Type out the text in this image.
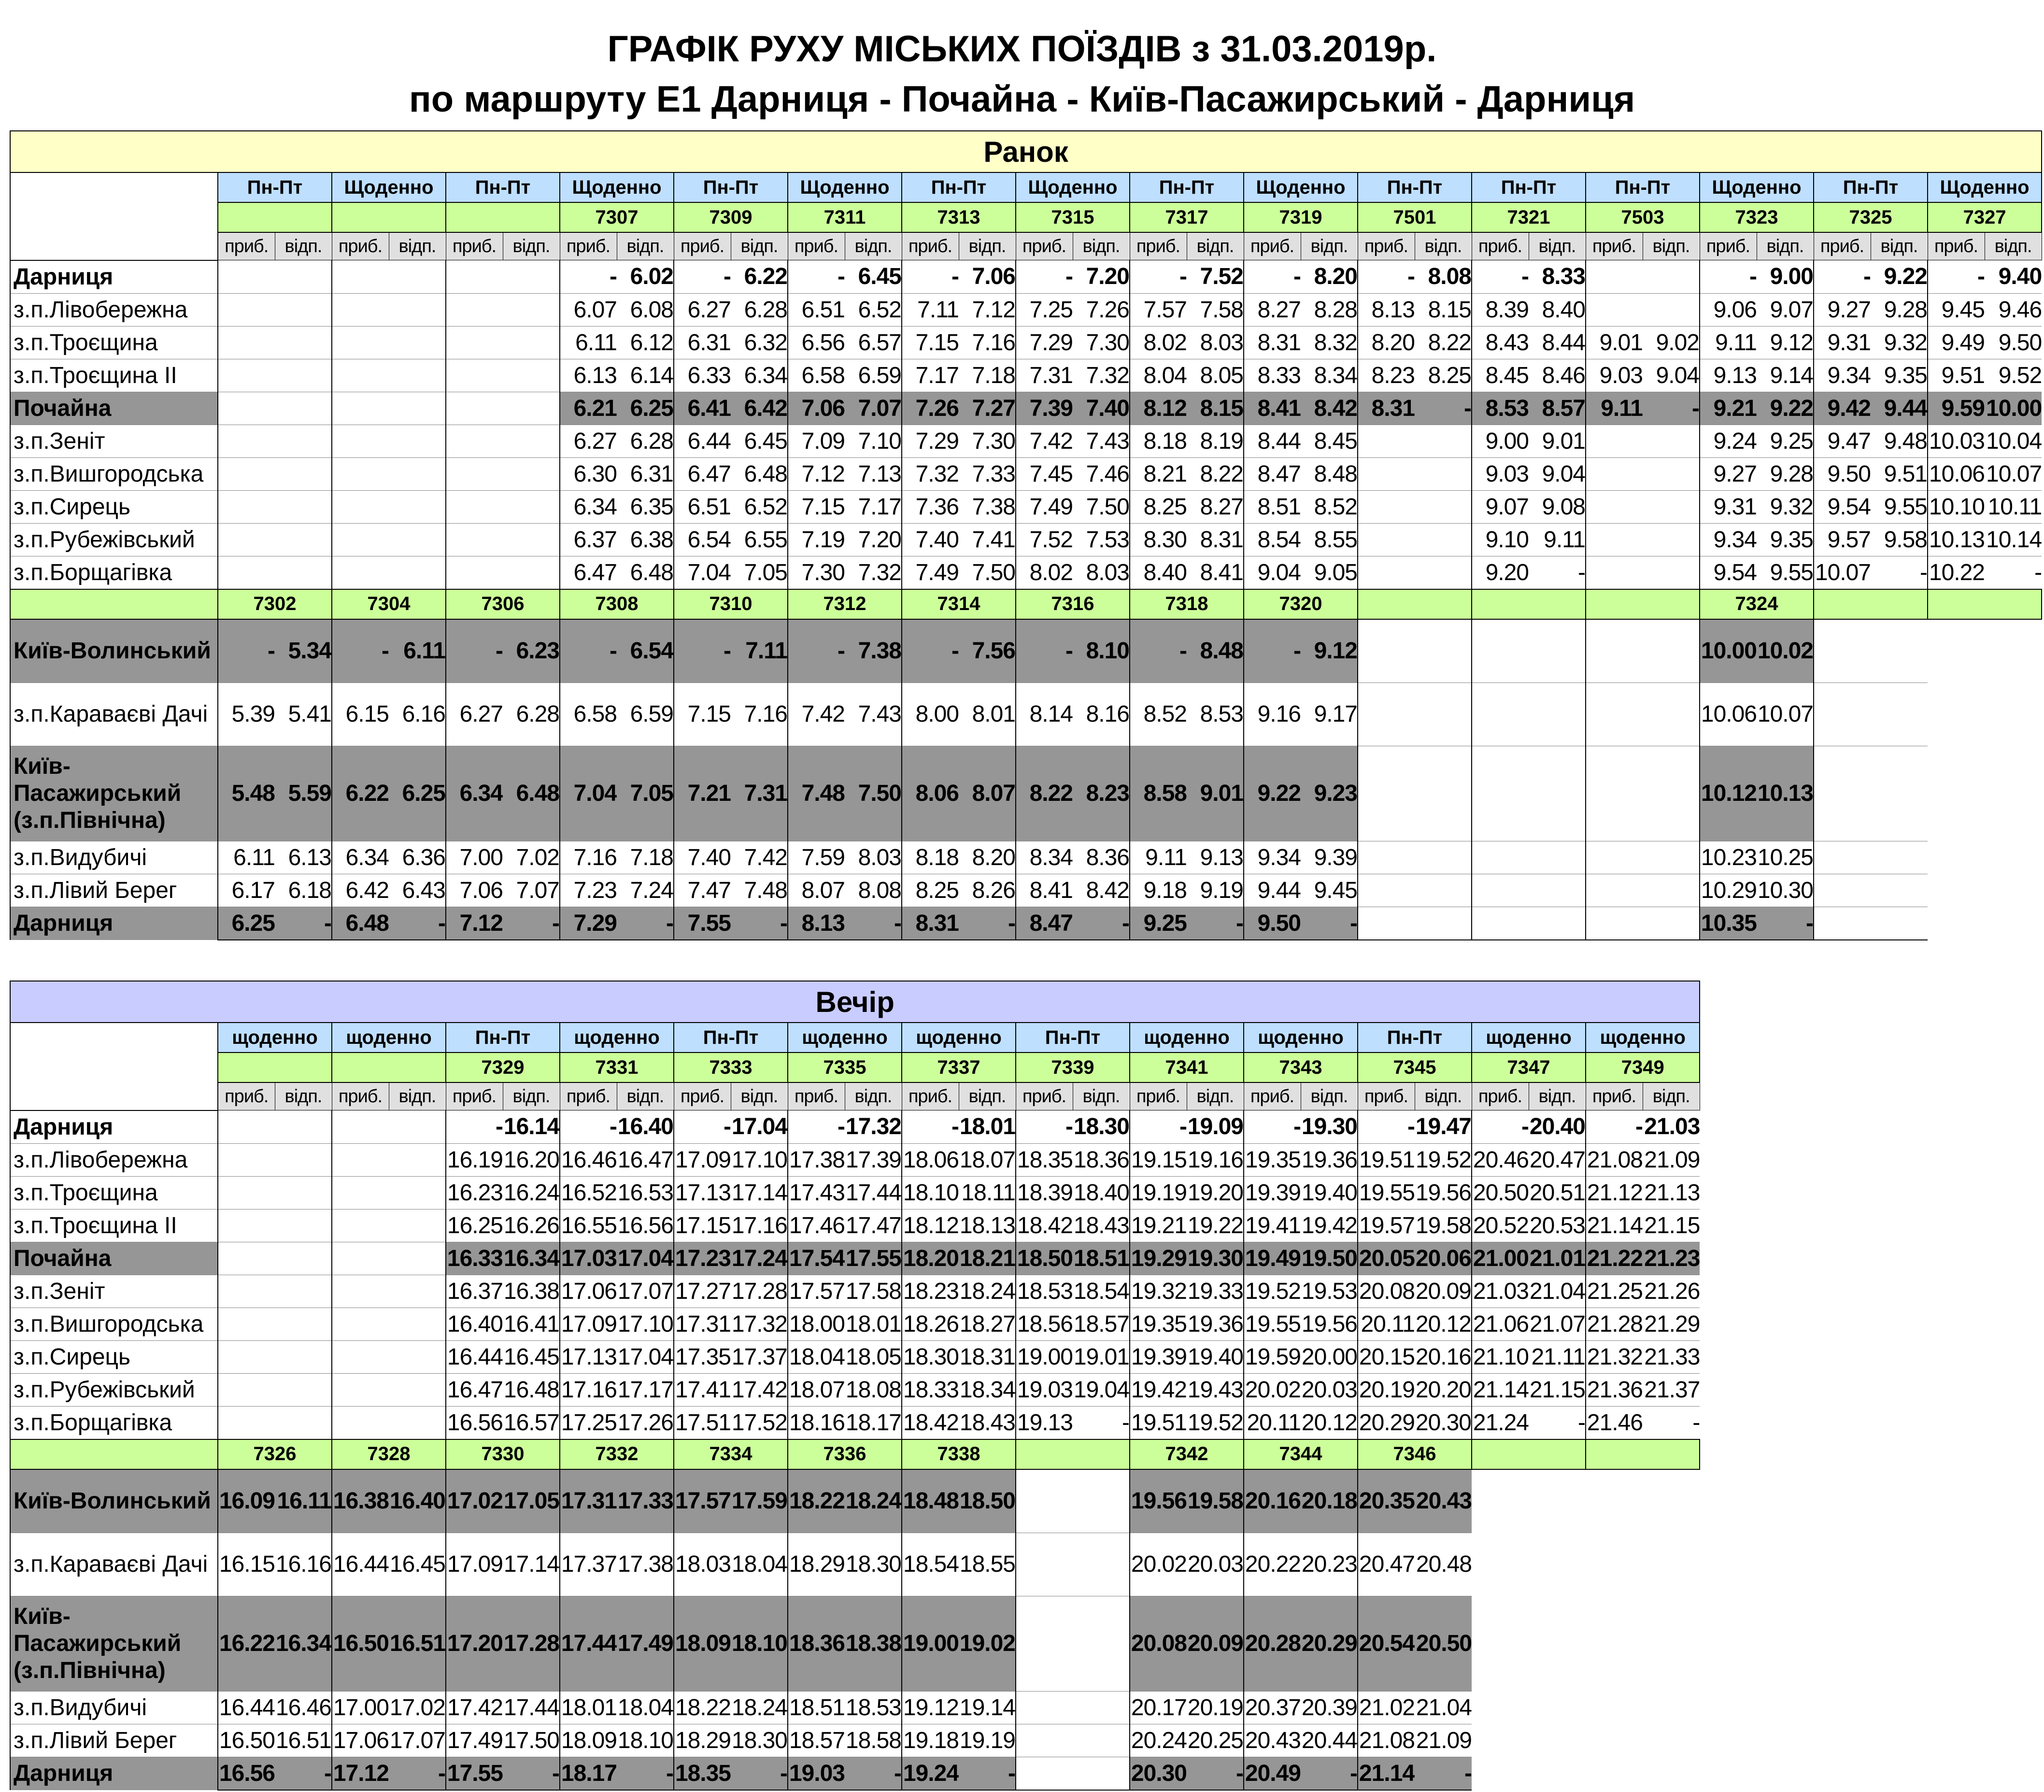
ГРАФІК РУХУ МІСЬКИХ ПОЇЗДІВ з 31.03.2019р.
по маршруту Е1 Дарниця - Почайна - Київ-Пасажирський - Дарниця
Ранок																																
	Пн-Пт		Щоденно		Пн-Пт		Щоденно		Пн-Пт		Щоденно		Пн-Пт		Щоденно		Пн-Пт		Щоденно		Пн-Пт		Пн-Пт		Пн-Пт		Щоденно		Пн-Пт		Щоденно	
							7307		7309		7311		7313		7315		7317		7319		7501		7321		7503		7323		7325		7327	
	приб.	відп.	приб.	відп.	приб.	відп.	приб.	відп.	приб.	відп.	приб.	відп.	приб.	відп.	приб.	відп.	приб.	відп.	приб.	відп.	приб.	відп.	приб.	відп.	приб.	відп.	приб.	відп.	приб.	відп.	приб.	відп.
Дарниця							-	6.02	-	6.22	-	6.45	-	7.06	-	7.20	-	7.52	-	8.20	-	8.08	-	8.33			-	9.00	-	9.22	-	9.40
з.п.Лівобережна							6.07	6.08	6.27	6.28	6.51	6.52	7.11	7.12	7.25	7.26	7.57	7.58	8.27	8.28	8.13	8.15	8.39	8.40			9.06	9.07	9.27	9.28	9.45	9.46
з.п.Троєщина							6.11	6.12	6.31	6.32	6.56	6.57	7.15	7.16	7.29	7.30	8.02	8.03	8.31	8.32	8.20	8.22	8.43	8.44	9.01	9.02	9.11	9.12	9.31	9.32	9.49	9.50
з.п.Троєщина ІІ							6.13	6.14	6.33	6.34	6.58	6.59	7.17	7.18	7.31	7.32	8.04	8.05	8.33	8.34	8.23	8.25	8.45	8.46	9.03	9.04	9.13	9.14	9.34	9.35	9.51	9.52
Почайна							6.21	6.25	6.41	6.42	7.06	7.07	7.26	7.27	7.39	7.40	8.12	8.15	8.41	8.42	8.31	-	8.53	8.57	9.11	-	9.21	9.22	9.42	9.44	9.59	10.00
з.п.Зеніт							6.27	6.28	6.44	6.45	7.09	7.10	7.29	7.30	7.42	7.43	8.18	8.19	8.44	8.45			9.00	9.01			9.24	9.25	9.47	9.48	10.03	10.04
з.п.Вишгородська							6.30	6.31	6.47	6.48	7.12	7.13	7.32	7.33	7.45	7.46	8.21	8.22	8.47	8.48			9.03	9.04			9.27	9.28	9.50	9.51	10.06	10.07
з.п.Сирець							6.34	6.35	6.51	6.52	7.15	7.17	7.36	7.38	7.49	7.50	8.25	8.27	8.51	8.52			9.07	9.08			9.31	9.32	9.54	9.55	10.10	10.11
з.п.Рубежівський							6.37	6.38	6.54	6.55	7.19	7.20	7.40	7.41	7.52	7.53	8.30	8.31	8.54	8.55			9.10	9.11			9.34	9.35	9.57	9.58	10.13	10.14
з.п.Борщагівка							6.47	6.48	7.04	7.05	7.30	7.32	7.49	7.50	8.02	8.03	8.40	8.41	9.04	9.05			9.20	-			9.54	9.55	10.07	-	10.22	-
	7302		7304		7306		7308		7310		7312		7314		7316		7318		7320								7324					
Київ-Волинський	-	5.34	-	6.11	-	6.23	-	6.54	-	7.11	-	7.38	-	7.56	-	8.10	-	8.48	-	9.12							10.00	10.02				
з.п.Караваєві Дачі	5.39	5.41	6.15	6.16	6.27	6.28	6.58	6.59	7.15	7.16	7.42	7.43	8.00	8.01	8.14	8.16	8.52	8.53	9.16	9.17							10.06	10.07				
Київ-Пасажирський (з.п.Північна)	5.48	5.59	6.22	6.25	6.34	6.48	7.04	7.05	7.21	7.31	7.48	7.50	8.06	8.07	8.22	8.23	8.58	9.01	9.22	9.23							10.12	10.13				
з.п.Видубичі	6.11	6.13	6.34	6.36	7.00	7.02	7.16	7.18	7.40	7.42	7.59	8.03	8.18	8.20	8.34	8.36	9.11	9.13	9.34	9.39							10.23	10.25				
з.п.Лівий Берег	6.17	6.18	6.42	6.43	7.06	7.07	7.23	7.24	7.47	7.48	8.07	8.08	8.25	8.26	8.41	8.42	9.18	9.19	9.44	9.45							10.29	10.30				
Дарниця	6.25	-	6.48	-	7.12	-	7.29	-	7.55	-	8.13	-	8.31	-	8.47	-	9.25	-	9.50	-							10.35	-				
Вечір																										
	щоденно		щоденно		Пн-Пт		щоденно		Пн-Пт		щоденно		щоденно		Пн-Пт		щоденно		щоденно		Пн-Пт		щоденно		щоденно	
					7329		7331		7333		7335		7337		7339		7341		7343		7345		7347		7349	
	приб.	відп.	приб.	відп.	приб.	відп.	приб.	відп.	приб.	відп.	приб.	відп.	приб.	відп.	приб.	відп.	приб.	відп.	приб.	відп.	приб.	відп.	приб.	відп.	приб.	відп.
Дарниця					-	16.14	-	16.40	-	17.04	-	17.32	-	18.01	-	18.30	-	19.09	-	19.30	-	19.47	-	20.40	-	21.03
з.п.Лівобережна					16.19	16.20	16.46	16.47	17.09	17.10	17.38	17.39	18.06	18.07	18.35	18.36	19.15	19.16	19.35	19.36	19.51	19.52	20.46	20.47	21.08	21.09
з.п.Троєщина					16.23	16.24	16.52	16.53	17.13	17.14	17.43	17.44	18.10	18.11	18.39	18.40	19.19	19.20	19.39	19.40	19.55	19.56	20.50	20.51	21.12	21.13
з.п.Троєщина ІІ					16.25	16.26	16.55	16.56	17.15	17.16	17.46	17.47	18.12	18.13	18.42	18.43	19.21	19.22	19.41	19.42	19.57	19.58	20.52	20.53	21.14	21.15
Почайна					16.33	16.34	17.03	17.04	17.23	17.24	17.54	17.55	18.20	18.21	18.50	18.51	19.29	19.30	19.49	19.50	20.05	20.06	21.00	21.01	21.22	21.23
з.п.Зеніт					16.37	16.38	17.06	17.07	17.27	17.28	17.57	17.58	18.23	18.24	18.53	18.54	19.32	19.33	19.52	19.53	20.08	20.09	21.03	21.04	21.25	21.26
з.п.Вишгородська					16.40	16.41	17.09	17.10	17.31	17.32	18.00	18.01	18.26	18.27	18.56	18.57	19.35	19.36	19.55	19.56	20.11	20.12	21.06	21.07	21.28	21.29
з.п.Сирець					16.44	16.45	17.13	17.04	17.35	17.37	18.04	18.05	18.30	18.31	19.00	19.01	19.39	19.40	19.59	20.00	20.15	20.16	21.10	21.11	21.32	21.33
з.п.Рубежівський					16.47	16.48	17.16	17.17	17.41	17.42	18.07	18.08	18.33	18.34	19.03	19.04	19.42	19.43	20.02	20.03	20.19	20.20	21.14	21.15	21.36	21.37
з.п.Борщагівка					16.56	16.57	17.25	17.26	17.51	17.52	18.16	18.17	18.42	18.43	19.13	-	19.51	19.52	20.11	20.12	20.29	20.30	21.24	-	21.46	-
	7326		7328		7330		7332		7334		7336		7338				7342		7344		7346					
Київ-Волинський	16.09	16.11	16.38	16.40	17.02	17.05	17.31	17.33	17.57	17.59	18.22	18.24	18.48	18.50			19.56	19.58	20.16	20.18	20.35	20.43				
з.п.Караваєві Дачі	16.15	16.16	16.44	16.45	17.09	17.14	17.37	17.38	18.03	18.04	18.29	18.30	18.54	18.55			20.02	20.03	20.22	20.23	20.47	20.48				
Київ-Пасажирський (з.п.Північна)	16.22	16.34	16.50	16.51	17.20	17.28	17.44	17.49	18.09	18.10	18.36	18.38	19.00	19.02			20.08	20.09	20.28	20.29	20.54	20.50				
з.п.Видубичі	16.44	16.46	17.00	17.02	17.42	17.44	18.01	18.04	18.22	18.24	18.51	18.53	19.12	19.14			20.17	20.19	20.37	20.39	21.02	21.04				
з.п.Лівий Берег	16.50	16.51	17.06	17.07	17.49	17.50	18.09	18.10	18.29	18.30	18.57	18.58	19.18	19.19			20.24	20.25	20.43	20.44	21.08	21.09				
Дарниця	16.56	-	17.12	-	17.55	-	18.17	-	18.35	-	19.03	-	19.24	-			20.30	-	20.49	-	21.14	-				
